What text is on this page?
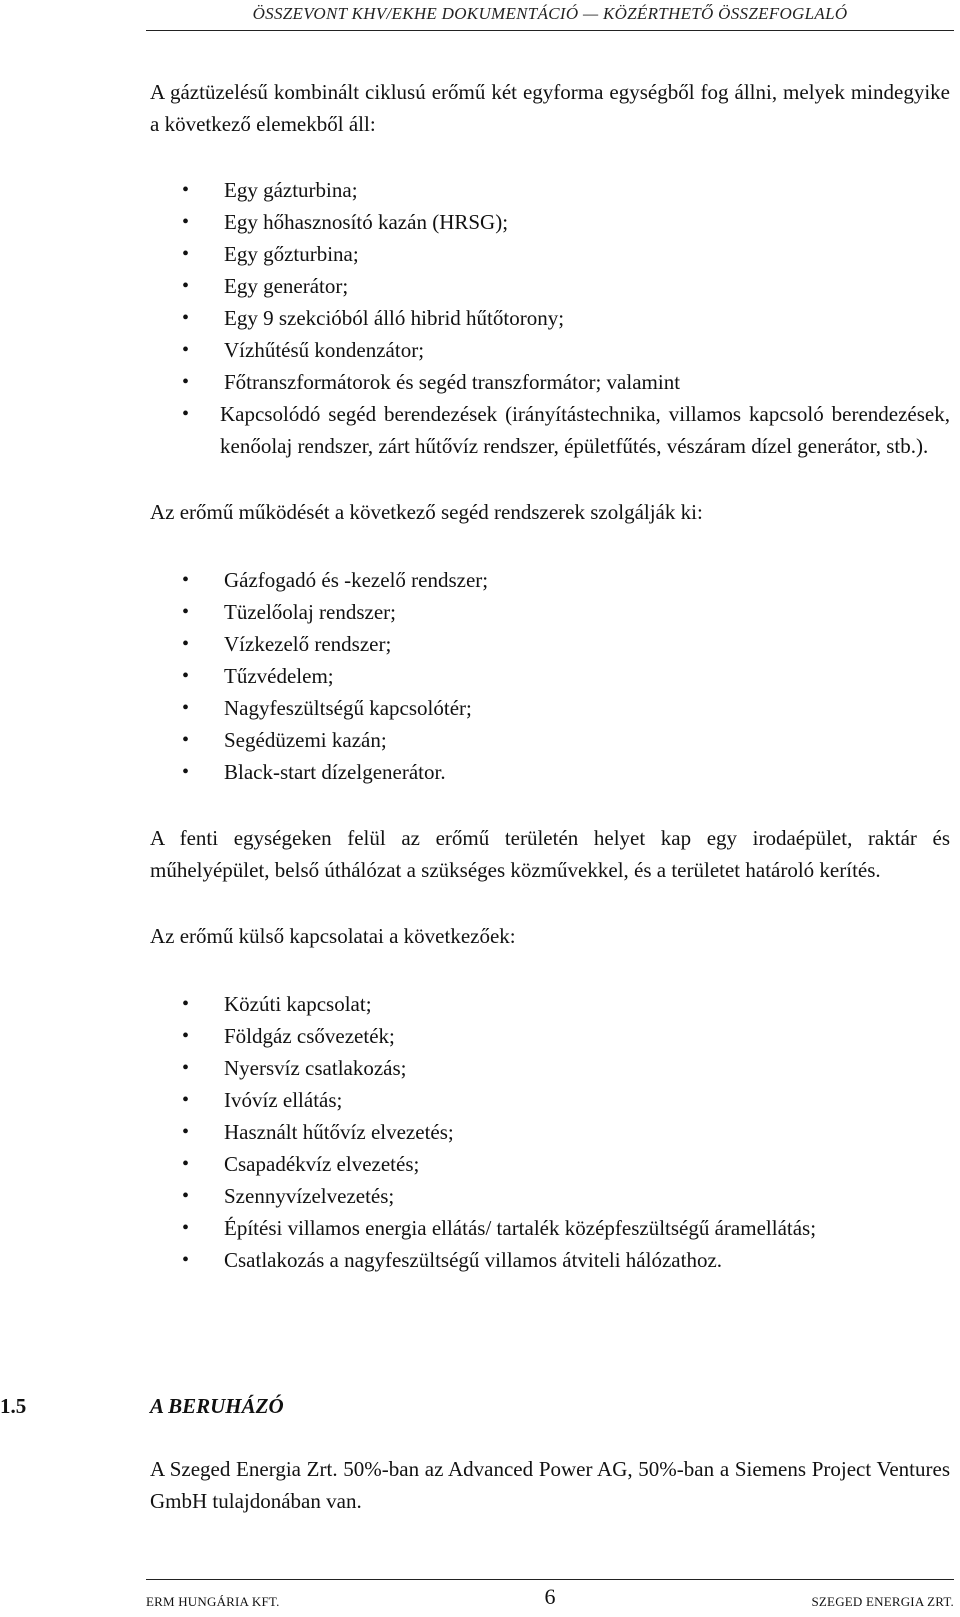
ÖSSZEVONT KHV/EKHE DOKUMENTÁCIÓ — KÖZÉRTHETŐ ÖSSZEFOGLALÓ

A gáztüzelésű kombinált ciklusú erőmű két egyforma egységből fog állni, melyek mindegyike a következő elemekből áll:

• Egy gázturbina;
• Egy hőhasznosító kazán (HRSG);
• Egy gőzturbina;
• Egy generátor;
• Egy 9 szekcióból álló hibrid hűtőtorony;
• Vízhűtésű kondenzátor;
• Főtranszformátorok és segéd transzformátor; valamint
• Kapcsolódó segéd berendezések (irányítástechnika, villamos kapcsoló berendezések, kenőolaj rendszer, zárt hűtővíz rendszer, épületfűtés, vészáram dízel generátor, stb.).

Az erőmű működését a következő segéd rendszerek szolgálják ki:

• Gázfogadó és -kezelő rendszer;
• Tüzelőolaj rendszer;
• Vízkezelő rendszer;
• Tűzvédelem;
• Nagyfeszültségű kapcsolótér;
• Segédüzemi kazán;
• Black-start dízelgenerátor.

A fenti egységeken felül az erőmű területén helyet kap egy irodaépület, raktár és műhelyépület, belső úthálózat a szükséges közművekkel, és a területet határoló kerítés.

Az erőmű külső kapcsolatai a következőek:

• Közúti kapcsolat;
• Földgáz csővezeték;
• Nyersvíz csatlakozás;
• Ivóvíz ellátás;
• Használt hűtővíz elvezetés;
• Csapadékvíz elvezetés;
• Szennyvízelvezetés;
• Építési villamos energia ellátás/ tartalék középfeszültségű áramellátás;
• Csatlakozás a nagyfeszültségű villamos átviteli hálózathoz.
1.5	A BERUHÁZÓ

A Szeged Energia Zrt. 50%-ban az Advanced Power AG, 50%-ban a Siemens Project Ventures GmbH tulajdonában van.

ERM HUNGÁRIA KFT.	6	SZEGED ENERGIA ZRT.
